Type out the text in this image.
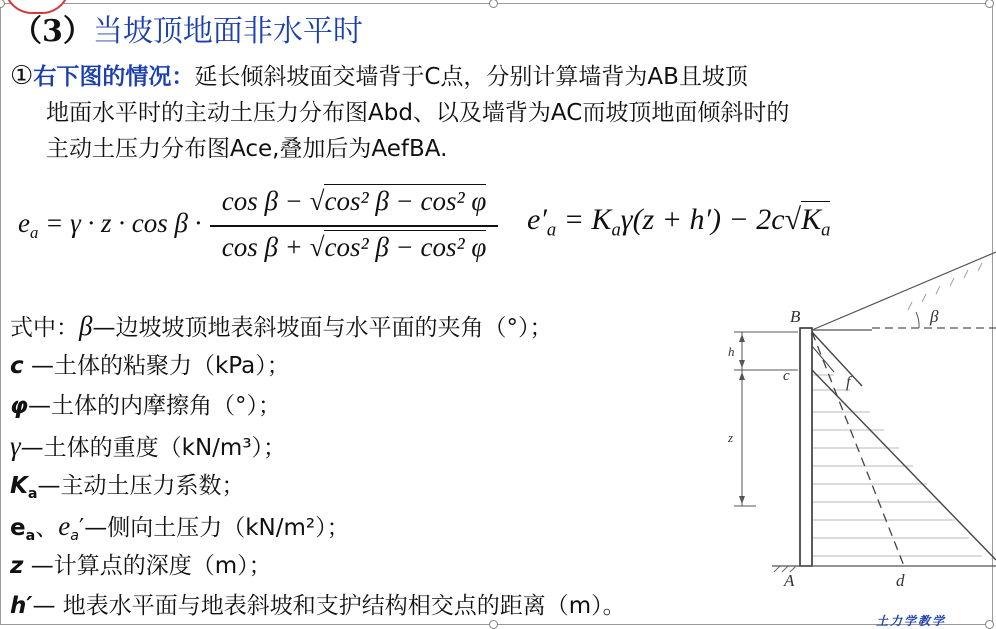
（3）当坡顶地面非水平时
①右下图的情况：延长倾斜坡面交墙背于C点，分别计算墙背为AB且坡顶
地面水平时的主动土压力分布图Abd、以及墙背为AC而坡顶地面倾斜时的
主动土压力分布图Ace,叠加后为AefBA.
$e_a = \gamma \cdot z \cdot \cos \beta$ ·
cos β − √cos² β − cos² φ
cos β + √cos² β − cos² φ
$e'_a = K_a\gamma(z + h') - 2c√K_a$
式中：β—边坡坡顶地表斜坡面与水平面的夹角（°）；
c —土体的粘聚力（kPa）；
φ—土体的内摩擦角（°）；
γ—土体的重度（kN/m³）；
$K_a—$主动土压力系数；
$e_a$、$e_a'—$侧向土压力（kN/m²）；
z —计算点的深度（m）；
h′— 地表水平面与地表斜坡和支护结构相交点的距离（m）。
B
A
c	f
d
h
z
β
土力学教学
